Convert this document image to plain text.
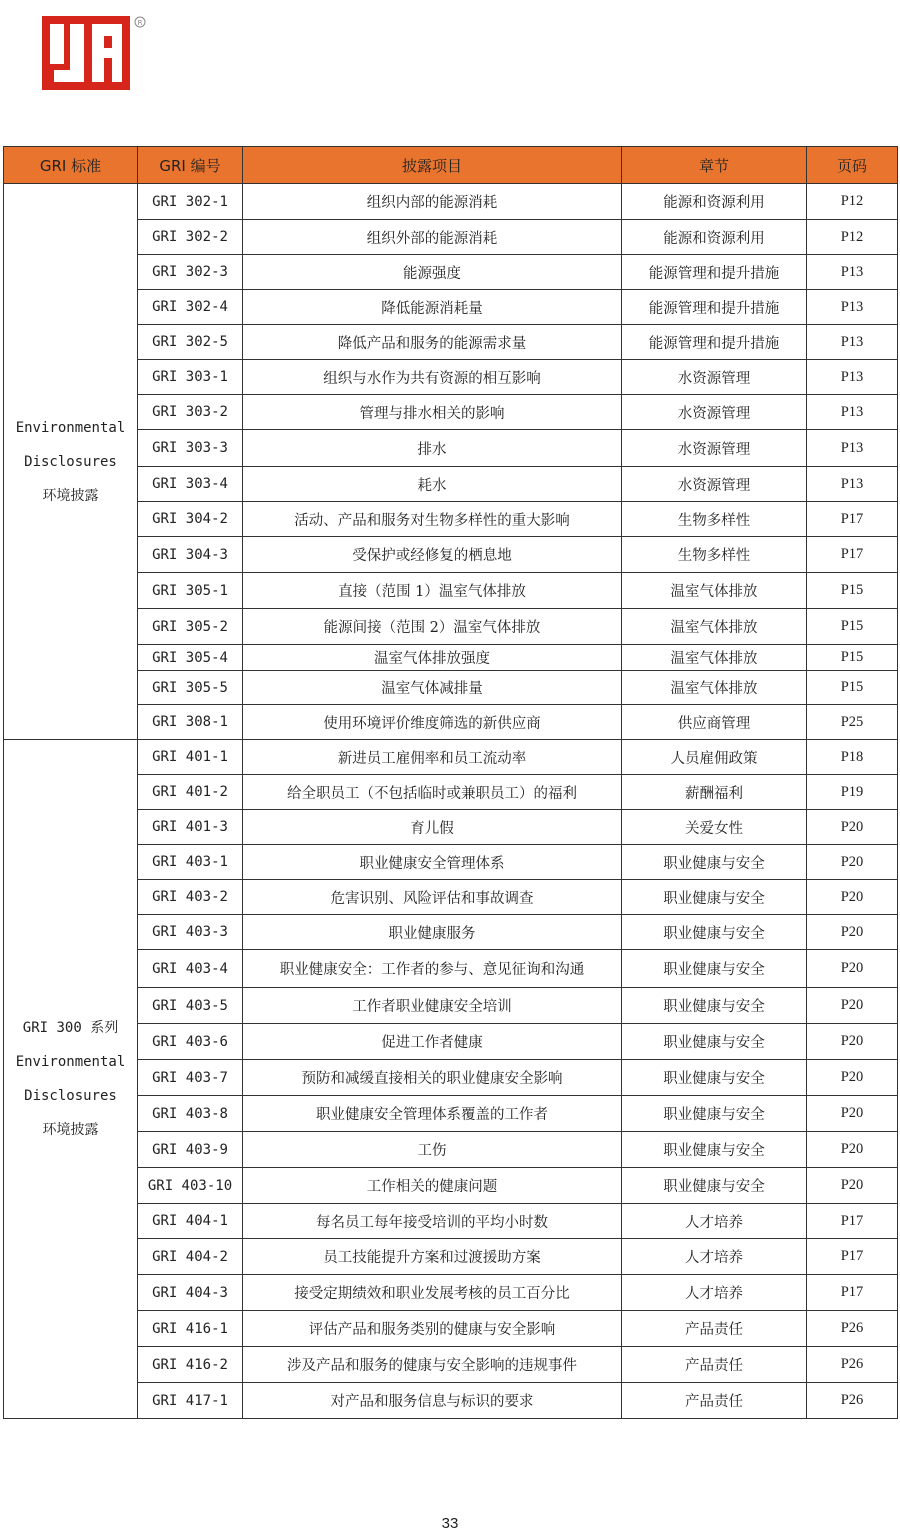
R
GRI 标准	GRI 编号	披露项目	章节	页码

Environmental
Disclosures
环境披露	GRI 302-1	组织内部的能源消耗	能源和资源利用	P12
	GRI 302-2	组织外部的能源消耗	能源和资源利用	P12
	GRI 302-3	能源强度	能源管理和提升措施	P13
	GRI 302-4	降低能源消耗量	能源管理和提升措施	P13
	GRI 302-5	降低产品和服务的能源需求量	能源管理和提升措施	P13
	GRI 303-1	组织与水作为共有资源的相互影响	水资源管理	P13
	GRI 303-2	管理与排水相关的影响	水资源管理	P13
	GRI 303-3	排水	水资源管理	P13
	GRI 303-4	耗水	水资源管理	P13
	GRI 304-2	活动、产品和服务对生物多样性的重大影响	生物多样性	P17
	GRI 304-3	受保护或经修复的栖息地	生物多样性	P17
	GRI 305-1	直接（范围 1）温室气体排放	温室气体排放	P15
	GRI 305-2	能源间接（范围 2）温室气体排放	温室气体排放	P15
	GRI 305-4	温室气体排放强度	温室气体排放	P15
	GRI 305-5	温室气体减排量	温室气体排放	P15
	GRI 308-1	使用环境评价维度筛选的新供应商	供应商管理	P25

GRI 300 系列
Environmental
Disclosures
环境披露	GRI 401-1	新进员工雇佣率和员工流动率	人员雇佣政策	P18
	GRI 401-2	给全职员工（不包括临时或兼职员工）的福利	薪酬福利	P19
	GRI 401-3	育儿假	关爱女性	P20
	GRI 403-1	职业健康安全管理体系	职业健康与安全	P20
	GRI 403-2	危害识别、风险评估和事故调查	职业健康与安全	P20
	GRI 403-3	职业健康服务	职业健康与安全	P20
	GRI 403-4	职业健康安全：工作者的参与、意见征询和沟通	职业健康与安全	P20
	GRI 403-5	工作者职业健康安全培训	职业健康与安全	P20
	GRI 403-6	促进工作者健康	职业健康与安全	P20
	GRI 403-7	预防和减缓直接相关的职业健康安全影响	职业健康与安全	P20
	GRI 403-8	职业健康安全管理体系覆盖的工作者	职业健康与安全	P20
	GRI 403-9	工伤	职业健康与安全	P20
	GRI 403-10	工作相关的健康问题	职业健康与安全	P20
	GRI 404-1	每名员工每年接受培训的平均小时数	人才培养	P17
	GRI 404-2	员工技能提升方案和过渡援助方案	人才培养	P17
	GRI 404-3	接受定期绩效和职业发展考核的员工百分比	人才培养	P17
	GRI 416-1	评估产品和服务类别的健康与安全影响	产品责任	P26
	GRI 416-2	涉及产品和服务的健康与安全影响的违规事件	产品责任	P26
	GRI 417-1	对产品和服务信息与标识的要求	产品责任	P26
33
